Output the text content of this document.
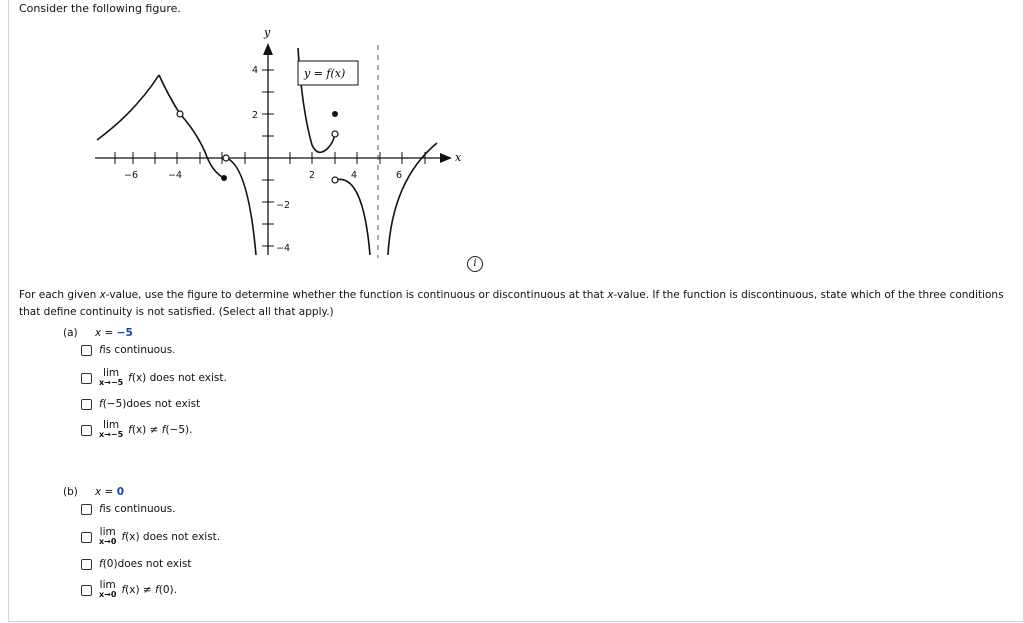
Consider the following figure.
x
y
−6	−4	2	4	6
4
2
−2
−4
y = f(x)
i
For each given x-value, use the figure to determine whether the function is continuous or discontinuous at that x-value. If the function is discontinuous, state which of the three conditions that define continuity is not satisfied. (Select all that apply.)
(a) x = −5
f is continuous.
lim
x→−5 f(x) does not exist.
f (−5) does not exist
lim
x→−5 f(x) ≠ f(−5).
(b) x = 0
f is continuous.
lim
x→0 f(x) does not exist.
f (0) does not exist
lim
x→0 f(x) ≠ f(0).
